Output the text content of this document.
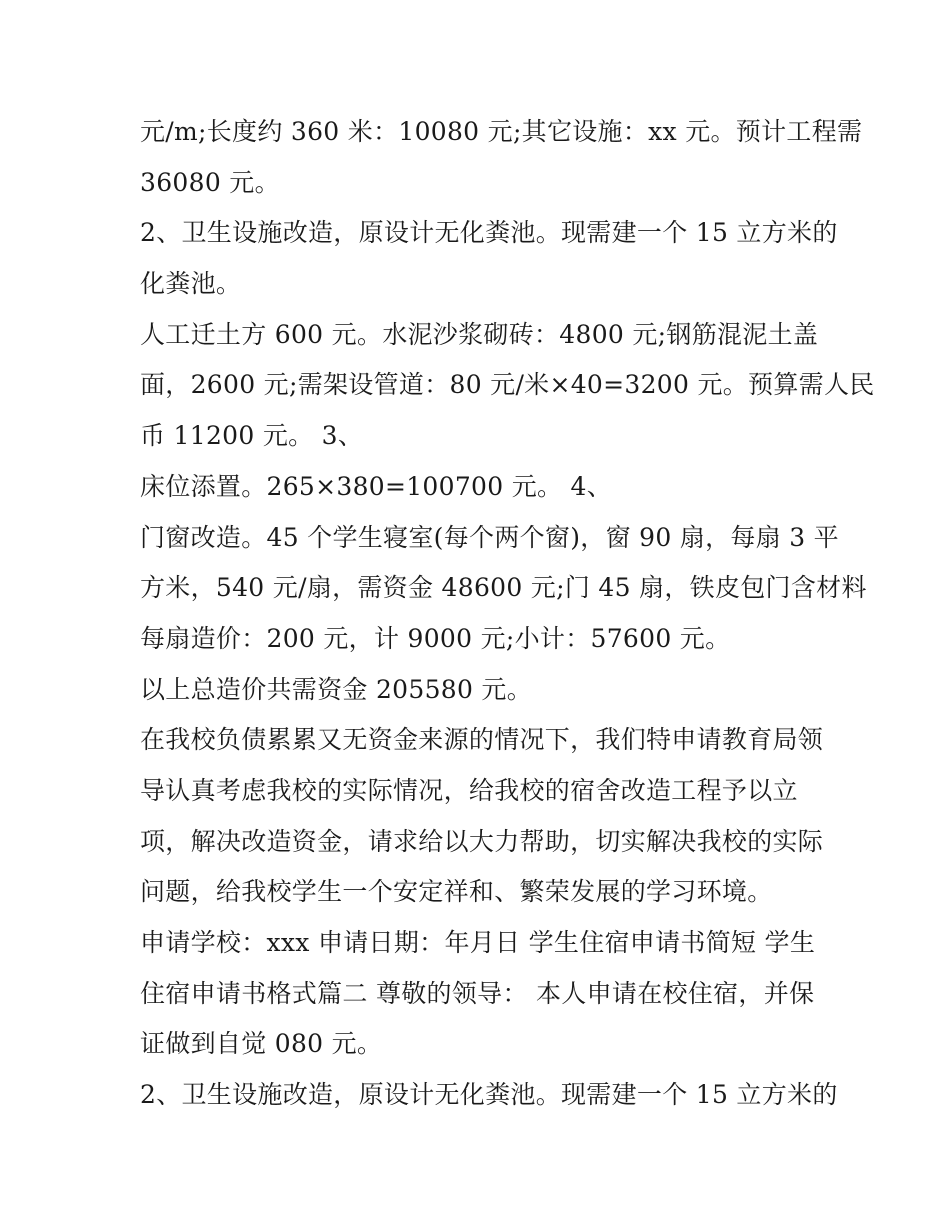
元/m;长度约 360 米：10080 元;其它设施：xx 元。预计工程需
36080 元。
2、卫生设施改造，原设计无化粪池。现需建一个 15 立方米的
化粪池。
人工迁土方 600 元。水泥沙浆砌砖：4800 元;钢筋混泥土盖
面，2600 元;需架设管道：80 元/米×40=3200 元。预算需人民
币 11200 元。 3、
床位添置。265×380=100700 元。 4、
门窗改造。45 个学生寝室(每个两个窗)，窗 90 扇，每扇 3 平
方米，540 元/扇，需资金 48600 元;门 45 扇，铁皮包门含材料
每扇造价：200 元，计 9000 元;小计：57600 元。
以上总造价共需资金 205580 元。
在我校负债累累又无资金来源的情况下，我们特申请教育局领
导认真考虑我校的实际情况，给我校的宿舍改造工程予以立
项，解决改造资金，请求给以大力帮助，切实解决我校的实际
问题，给我校学生一个安定祥和、繁荣发展的学习环境。
申请学校：xxx 申请日期：年月日 学生住宿申请书简短 学生
住宿申请书格式篇二 尊敬的领导： 本人申请在校住宿，并保
证做到自觉 080 元。
2、卫生设施改造，原设计无化粪池。现需建一个 15 立方米的
